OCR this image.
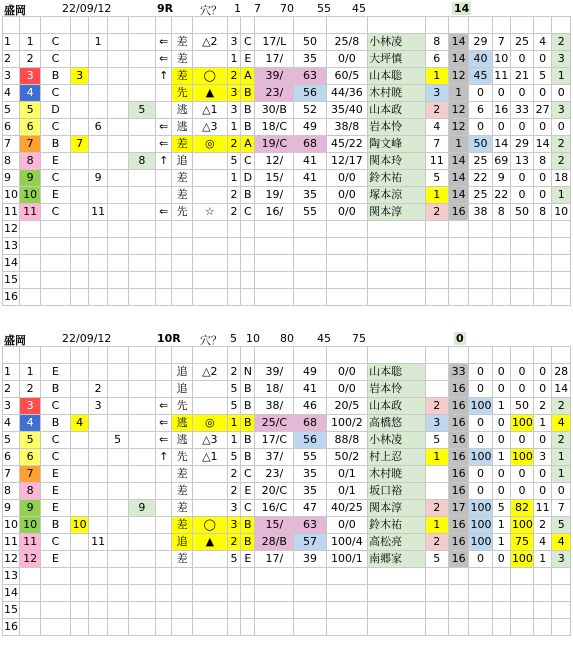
盛岡	22/09/12	9R 穴？ 1 7 70 55 45	14

1	1	C		1			⇐	差	△2	3	C	17/L	50	25/8	小林凌	8	14	29	7	25	4	2
2	2	C					⇐	差		1	E	17/	35	0/0	大坪慎	6	14	40	10	0	0	3
3	3	B	3				↑	差	◯	2	A	39/	63	60/5	山本聡	1	12	45	11	21	5	1
4	4	C						先	▲	3	B	23/	56	44/36	木村暁	3	1	0	0	0	0	0
5	5	D				5		逃	△1	3	B	30/B	52	35/40	山本政	2	12	6	16	33	27	3
6	6	C		6			⇐	逃	△3	1	B	18/C	49	38/8	岩本怜	4	12	0	0	0	0	0
7	7	B	7				⇐	差	◎	2	A	19/C	68	45/22	陶文峰	7	1	50	14	29	14	2
8	8	E				8	↑	追		5	C	12/	41	12/17	関本玲	11	14	25	69	13	8	2
9	9	C		9				差		1	D	15/	41	0/0	鈴木祐	5	14	22	9	0	0	18
10	10	E						差		2	B	19/	35	0/0	塚本涼	1	14	25	22	0	0	1
11	11	C		11			⇐	先	☆	2	C	16/	55	0/0	関本淳	2	16	38	8	50	8	10
12																						
13																						
14																						
15																						
16																						
盛岡	22/09/12	10R 穴？ 5 10 80 45 75	0

1	1	E						追	△2	2	N	39/	49	0/0	山本聡		33	0	0	0	0	28
2	2	B		2				追		5	B	18/	41	0/0	岩本怜		16	0	0	0	0	14
3	3	C		3			⇐	先		5	B	38/	46	20/5	山本政	2	16	100	1	50	2	2
4	4	B	4				⇐	逃	◎	1	B	25/C	68	100/2	高橋悠	3	16	0	0	100	1	4
5	5	C			5		⇐	逃	△3	1	B	17/C	56	88/8	小林凌	5	16	0	0	0	0	2
6	6	C					↑	先	△1	5	B	37/	55	50/2	村上忍	1	16	100	1	100	3	1
7	7	E						差		2	C	23/	35	0/1	木村暁		16	0	0	0	0	1
8	8	E						差		2	E	20/C	35	0/1	坂口裕		16	0	0	0	0	0
9	9	E				9		差		3	C	16/C	47	40/25	関本淳	2	17	100	5	82	11	7
10	10	B	10					差	◯	3	B	15/	63	0/0	鈴木祐	1	16	100	1	100	2	5
11	11	C		11				追	▲	2	B	28/B	57	100/4	高松亮	2	16	100	1	75	4	4
12	12	E						差		5	E	17/	39	100/1	南郷家	5	16	0	0	100	1	3
13																						
14																						
15																						
16																						
